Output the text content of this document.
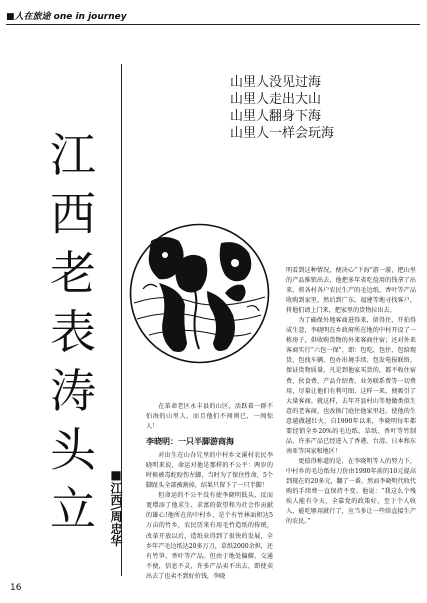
■人在旅途 one in journey
山里人没见过海
山里人走出大山
山里人翻身下海
山里人一样会玩海
江
西
老
表
涛
头
立	■江西\周忠华

在革命老区永丰县的山区，活跃着一群不怕海的山里人，而且他们不闯则已，一闯惊人！

李晓明：一只半脚游商海

对出生在山旮旯里的中村乡文溪村农民李晓明来说，命运对他是那样的不公平：两岁的时候被毒蛇咬伤左脚，当时为了保住性命，5个脚趾头全部被割掉，结果只留下了一只半脚！

但命运的不公平没有使李晓明低头，反而更增添了他求生、求富的欲望和为社会作贡献的雄心!他所在的中村乡，是个有竹林面积达5万亩的竹乡，农民历来有用毛竹造纸的传统，改革开放以后，造纸业得到了很快的发展，全乡年产毛边纸达20多万刀，草纸2000余担，还有竹笋、香叶等产品。但由于地处偏僻，交通不便，信息不灵，许多产品卖不出去，即使卖出去了也卖不到好价钱，李晓

明看到这种情况，便决心“下海”游一游，把山里的产品推销出去，他把多年省吃俭用的钱拿了出来，将各村各户农民生产的毛边纸、香叶等产品收购到家里，然后到广东、福建等地寻找客户，将他们请上门来，把家里的货物拉出去。

为了确保外地客商进得来，留得住，开拍得成生意，李晓明在乡政府所在地的中村开设了一栋房子，供收购货物的外来客商住宿；还对外来客商实行“六包一保”，即：包吃、包住、包给现货、包找车辆、包办出境手续、包发电报联络，保证货物质量。凡是到他家买货的，都不收住宿费、伙食费、产品介绍费、业务联系费等一切费用，尽量让他们有利可图，这样一来，便吸引了大量客商。就这样，去年开县村山等地做类似生意的老客商，也改换门庭住他家里赶。使他的生意越做越红火，自1990年以来，李晓明每年都要经销全乡20%的毛边纸、草纸、香叶等竹制品，许多产品已经进入了香港、台湾、日本和东南亚等国家和地区！

更值得称道的是，在李晓明等人的努力下，中村乡的毛边纸每刀价由1990年前的10元提高到现在的20多元，翻了一番，然而李晓明代收代购的手续费一直保持不变。他说：“我这么个残疾人能有今天，全靠党的政策好，至于个人收入，能吃够用就行了，应当多让一些给直接生产的农民。”

16
